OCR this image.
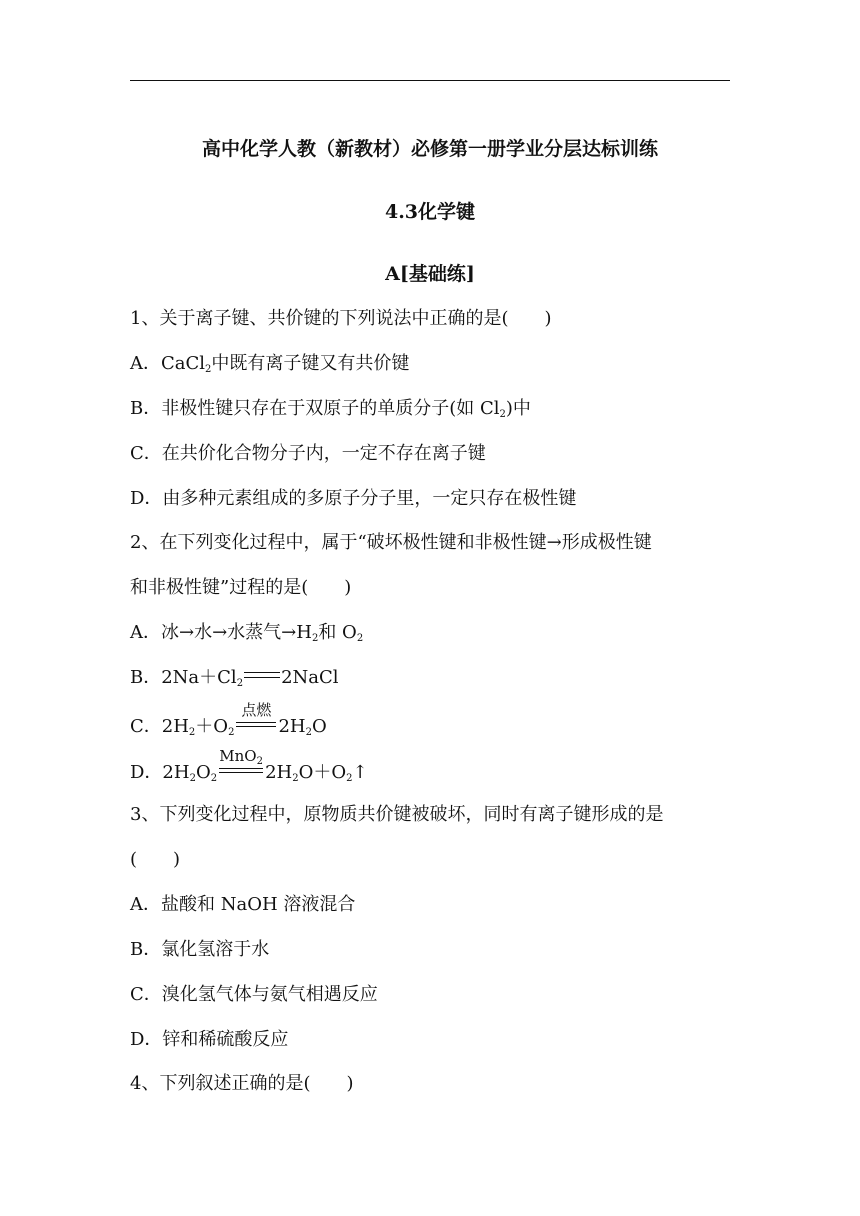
高中化学人教（新教材）必修第一册学业分层达标训练
4.3化学键
A[基础练]
1、关于离子键、共价键的下列说法中正确的是(　　)
A．CaCl$_2$中既有离子键又有共价键
B．非极性键只存在于双原子的单质分子(如 $Cl_2$)中
C．在共价化合物分子内，一定不存在离子键
D．由多种元素组成的多原子分子里，一定只存在极性键
2、在下列变化过程中，属于“破坏极性键和非极性键→形成极性键
和非极性键”过程的是(　　)
A．冰→水→水蒸气$\to H_2$和 $O_2$
B．$2Na+Cl_2$ 2NaCl
C．$2H_2+O_2$
点燃
$2H_2O$
D．$2H_2O_2$
MnO$_2$
$2H_2O+O_2↑$
3、下列变化过程中，原物质共价键被破坏，同时有离子键形成的是
(　　)
A．盐酸和 NaOH 溶液混合
B．氯化氢溶于水
C．溴化氢气体与氨气相遇反应
D．锌和稀硫酸反应
4、下列叙述正确的是(　　)
